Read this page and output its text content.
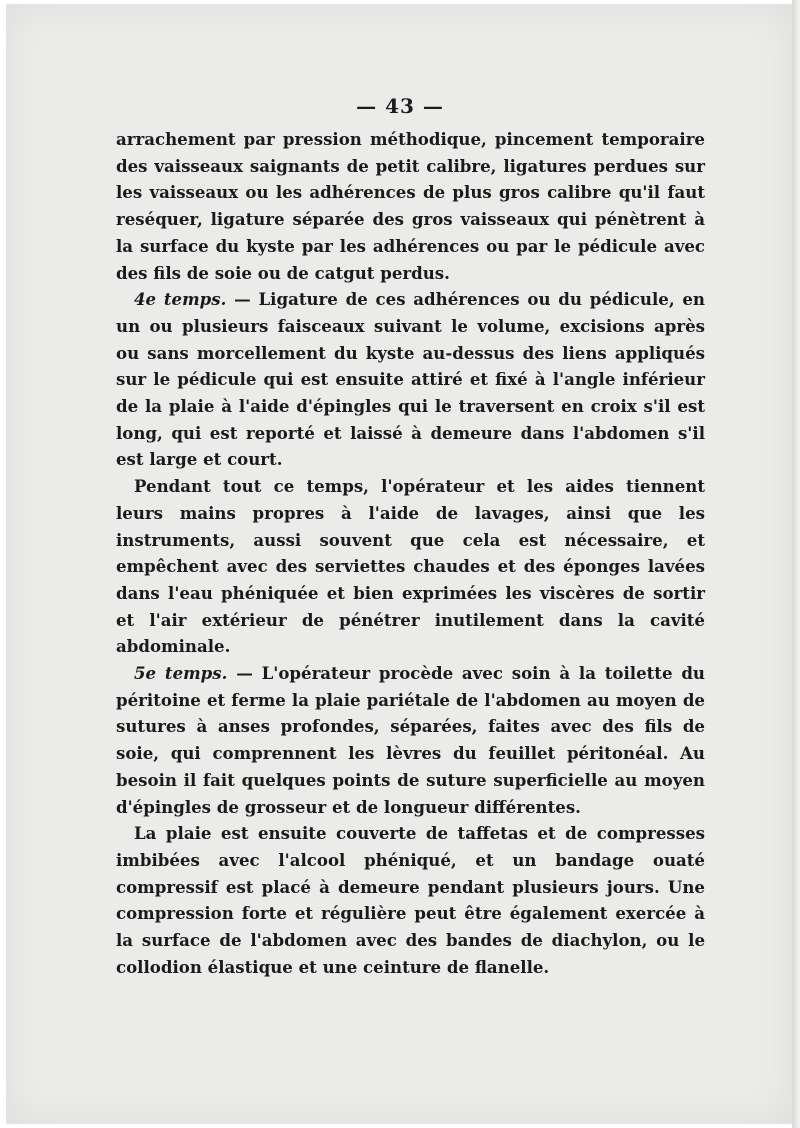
— 43 —

arrachement par pression méthodique, pincement temporaire des vaisseaux saignants de petit calibre, ligatures perdues sur les vaisseaux ou les adhérences de plus gros calibre qu'il faut reséquer, ligature séparée des gros vaisseaux qui pénètrent à la surface du kyste par les adhérences ou par le pédicule avec des fils de soie ou de catgut perdus.

4e temps. — Ligature de ces adhérences ou du pédicule, en un ou plusieurs faisceaux suivant le volume, excisions après ou sans morcellement du kyste au-dessus des liens appliqués sur le pédicule qui est ensuite attiré et fixé à l'angle inférieur de la plaie à l'aide d'épingles qui le traversent en croix s'il est long, qui est reporté et laissé à demeure dans l'abdomen s'il est large et court.

Pendant tout ce temps, l'opérateur et les aides tiennent leurs mains propres à l'aide de lavages, ainsi que les instruments, aussi souvent que cela est nécessaire, et empêchent avec des serviettes chaudes et des éponges lavées dans l'eau phéniquée et bien exprimées les viscères de sortir et l'air extérieur de pénétrer inutilement dans la cavité abdominale.

5e temps. — L'opérateur procède avec soin à la toilette du péritoine et ferme la plaie pariétale de l'abdomen au moyen de sutures à anses profondes, séparées, faites avec des fils de soie, qui comprennent les lèvres du feuillet péritonéal. Au besoin il fait quelques points de suture superficielle au moyen d'épingles de grosseur et de longueur différentes.

La plaie est ensuite couverte de taffetas et de compresses imbibées avec l'alcool phéniqué, et un bandage ouaté compressif est placé à demeure pendant plusieurs jours. Une compression forte et régulière peut être également exercée à la surface de l'abdomen avec des bandes de diachylon, ou le collodion élastique et une ceinture de flanelle.
